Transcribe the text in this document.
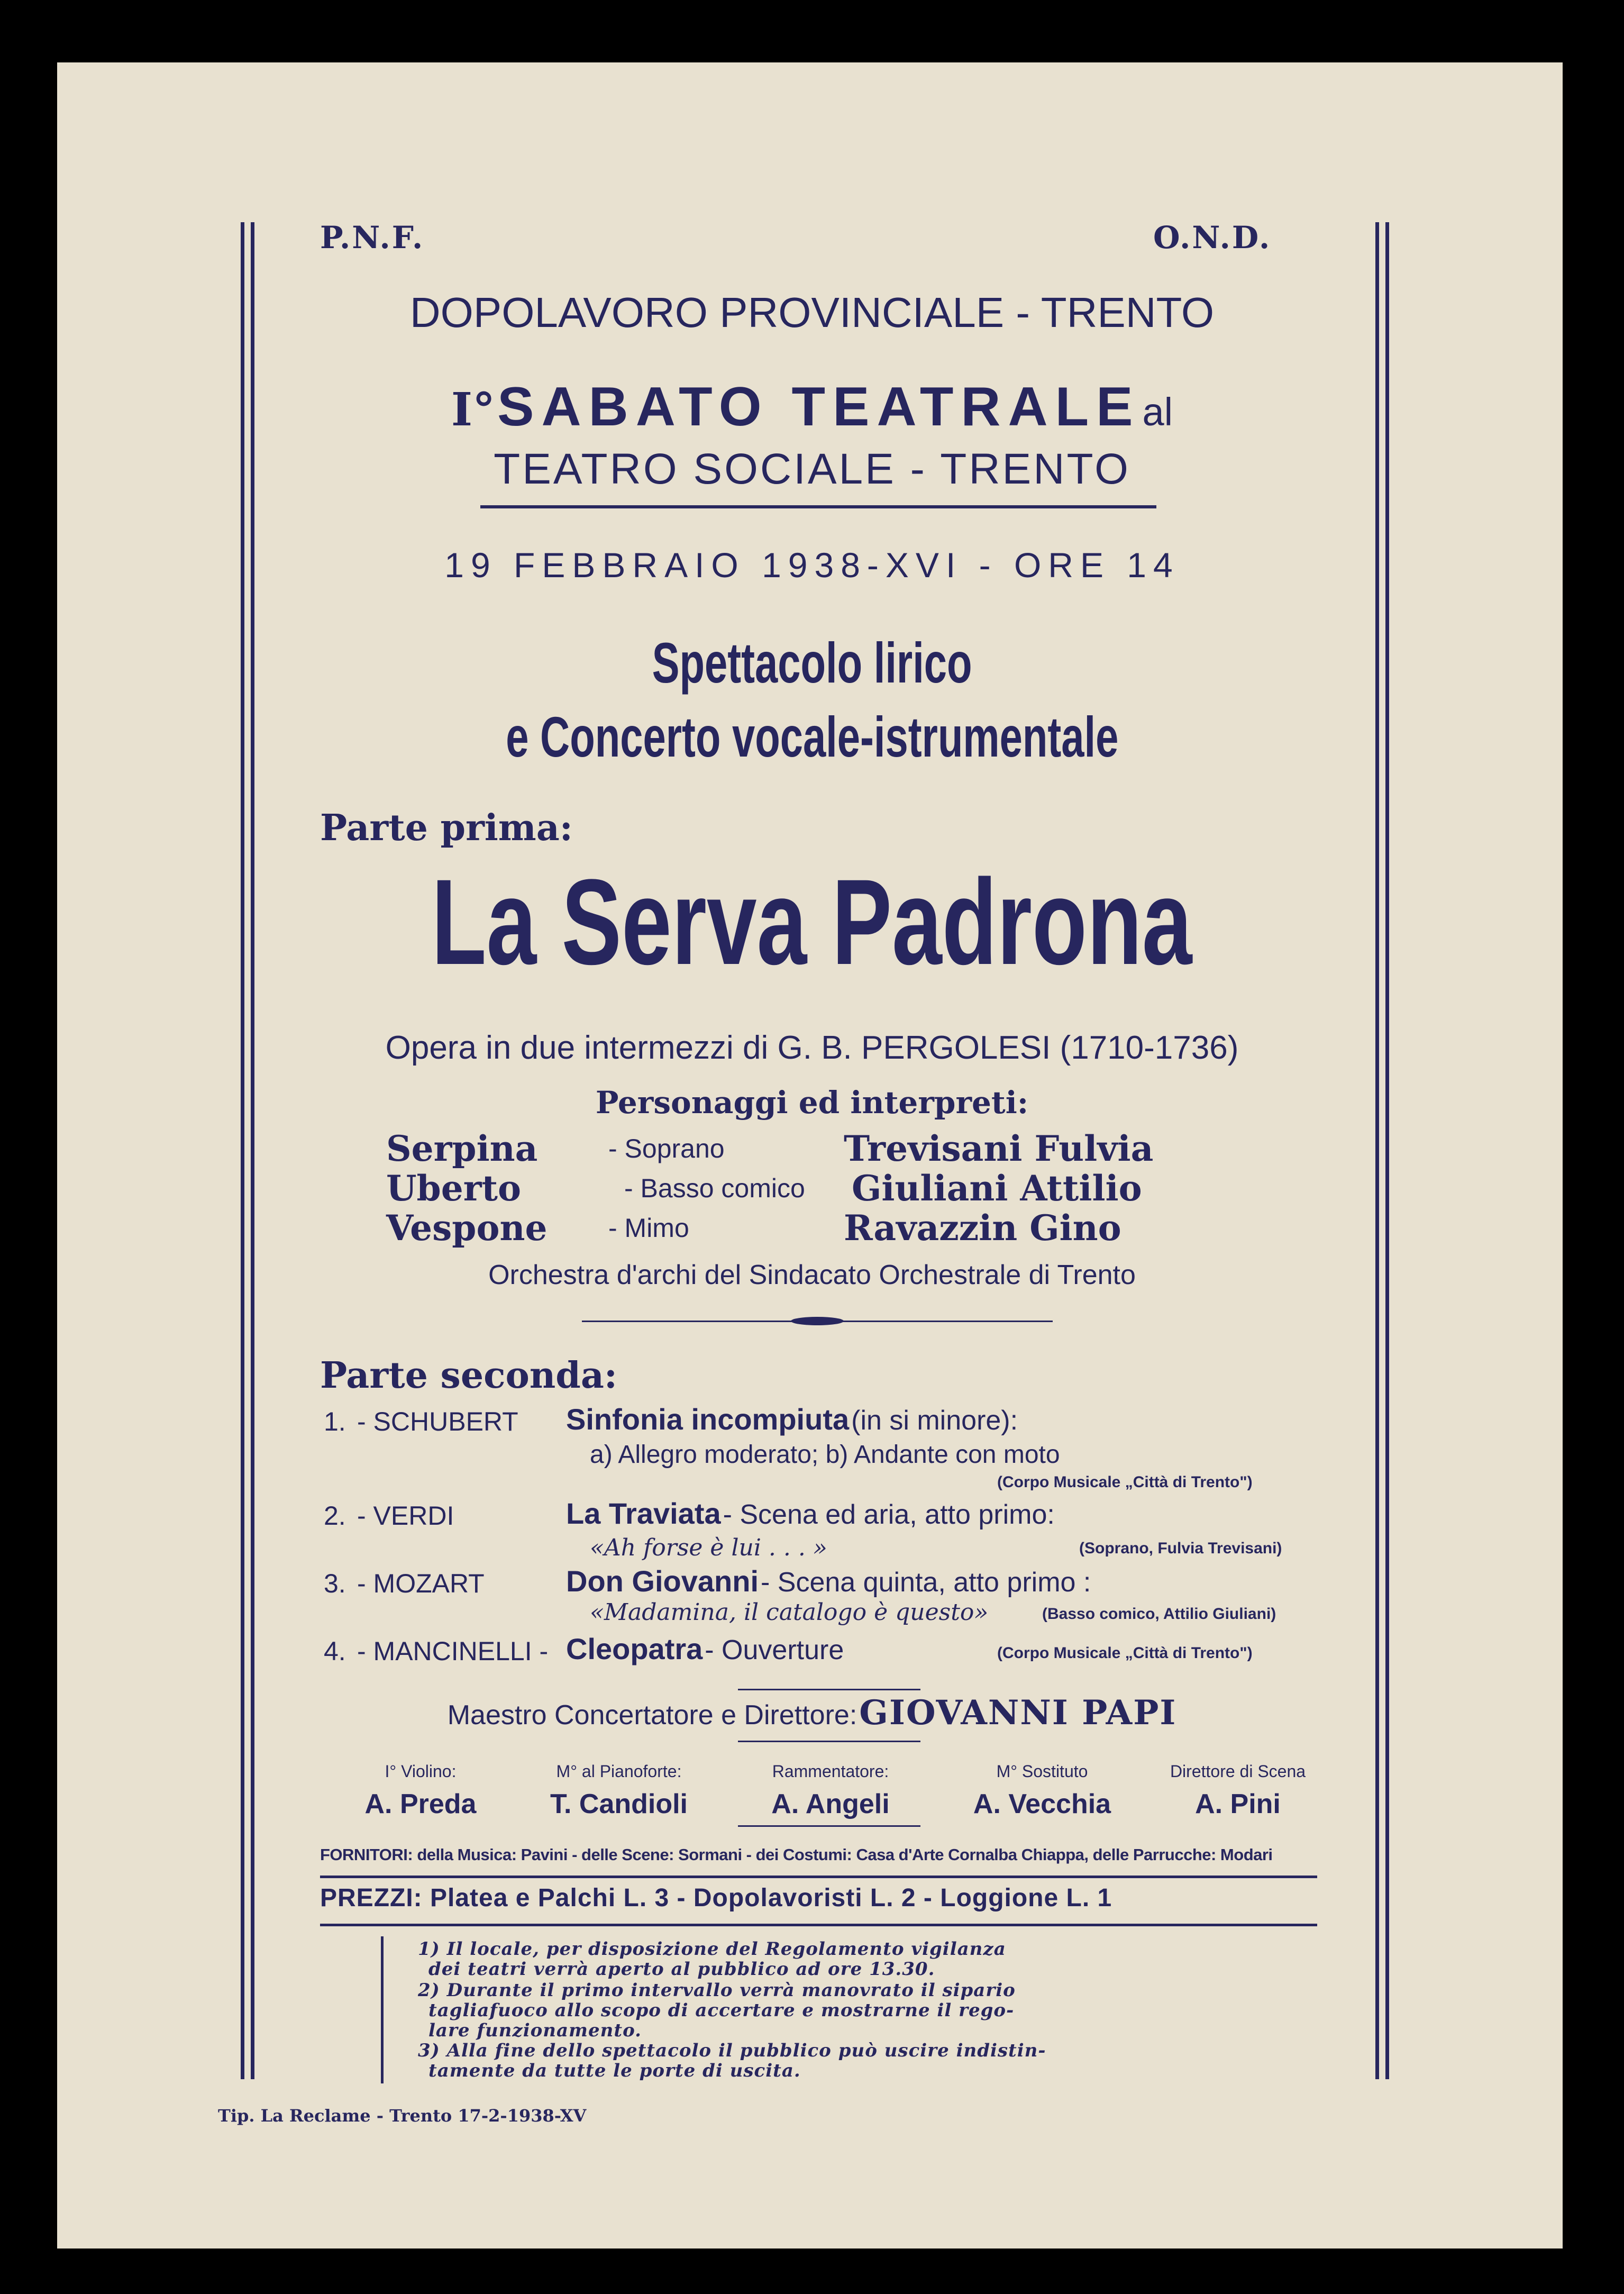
P.N.F.	O.N.D.
DOPOLAVORO PROVINCIALE - TRENTO
I° SABATO TEATRALE al
TEATRO SOCIALE - TRENTO
19 FEBBRAIO 1938-XVI - ORE 14
Spettacolo lirico
e Concerto vocale-istrumentale
Parte prima:
La Serva Padrona
Opera in due intermezzi di G. B. PERGOLESI (1710-1736)
Personaggi ed interpreti:
Serpina	- Soprano	Trevisani Fulvia
Uberto	- Basso comico Giuliani Attilio
Vespone - Mimo	Ravazzin Gino
Orchestra d'archi del Sindacato Orchestrale di Trento
Parte seconda:
1. - SCHUBERT Sinfonia incompiuta (in si minore):
a) Allegro moderato; b) Andante con moto
(Corpo Musicale „Città di Trento")
2. - VERDI	La Traviata - Scena ed aria, atto primo:
«Ah forse è lui . . . »	(Soprano, Fulvia Trevisani)
3. - MOZART	Don Giovanni - Scena quinta, atto primo :
«Madamina, il catalogo è questo»	(Basso comico, Attilio Giuliani)
4. - MANCINELLI - Cleopatra - Ouverture	(Corpo Musicale „Città di Trento")
Maestro Concertatore e Direttore: GIOVANNI PAPI
I° Violino:
A. Preda
M° al Pianoforte:
T. Candioli
Rammentatore:
A. Angeli
M° Sostituto
A. Vecchia
Direttore di Scena
A. Pini
FORNITORI: della Musica: Pavini - delle Scene: Sormani - dei Costumi: Casa d'Arte Cornalba Chiappa, delle Parrucche: Modari
PREZZI: Platea e Palchi L. 3 - Dopolavoristi L. 2 - Loggione L. 1
1) Il locale, per disposizione del Regolamento vigilanza
dei teatri verrà aperto al pubblico ad ore 13.30.
2) Durante il primo intervallo verrà manovrato il sipario
tagliafuoco allo scopo di accertare e mostrarne il rego-
lare funzionamento.
3) Alla fine dello spettacolo il pubblico può uscire indistin-
tamente da tutte le porte di uscita.
Tip. La Reclame - Trento 17-2-1938-XV
